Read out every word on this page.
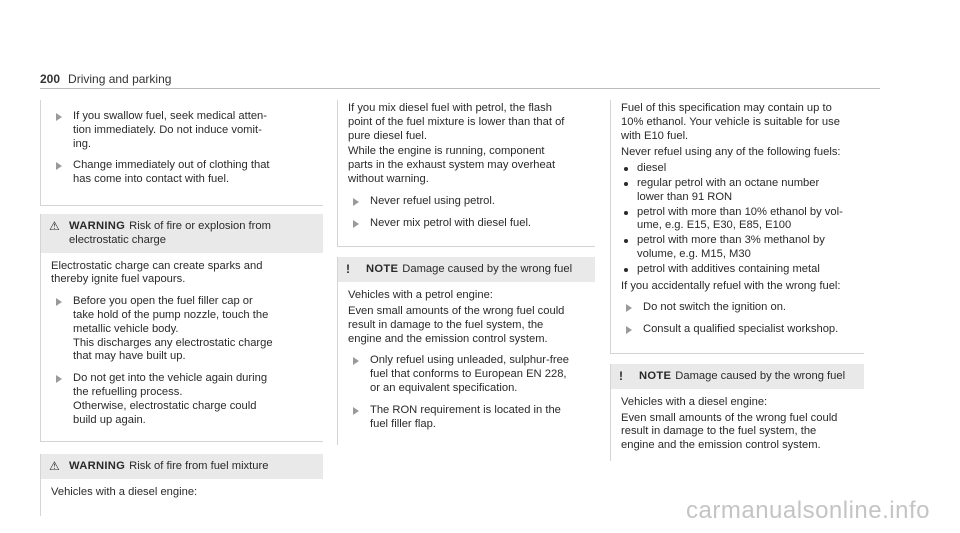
200 Driving and parking
If you swallow fuel, seek medical atten-
tion immediately. Do not induce vomit-
ing.
Change immediately out of clothing that
has come into contact with fuel.
⚠ WARNING Risk of fire or explosion from
electrostatic charge

Electrostatic charge can create sparks and
thereby ignite fuel vapours.

Before you open the fuel filler cap or
take hold of the pump nozzle, touch the
metallic vehicle body.
This discharges any electrostatic charge
that may have built up.
Do not get into the vehicle again during
the refuelling process.
Otherwise, electrostatic charge could
build up again.
⚠ WARNING Risk of fire from fuel mixture

Vehicles with a diesel engine:

If you mix diesel fuel with petrol, the flash
point of the fuel mixture is lower than that of
pure diesel fuel.

While the engine is running, component
parts in the exhaust system may overheat
without warning.

Never refuel using petrol.
Never mix petrol with diesel fuel.
!	NOTE Damage caused by the wrong fuel

Vehicles with a petrol engine:

Even small amounts of the wrong fuel could
result in damage to the fuel system, the
engine and the emission control system.

Only refuel using unleaded, sulphur-free
fuel that conforms to European EN 228,
or an equivalent specification.
The RON requirement is located in the
fuel filler flap.

Fuel of this specification may contain up to
10% ethanol. Your vehicle is suitable for use
with E10 fuel.

Never refuel using any of the following fuels:

diesel
regular petrol with an octane number
lower than 91 RON
petrol with more than 10% ethanol by vol-
ume, e.g. E15, E30, E85, E100
petrol with more than 3% methanol by
volume, e.g. M15, M30
petrol with additives containing metal

If you accidentally refuel with the wrong fuel:

Do not switch the ignition on.
Consult a qualified specialist workshop.
!	NOTE Damage caused by the wrong fuel

Vehicles with a diesel engine:

Even small amounts of the wrong fuel could
result in damage to the fuel system, the
engine and the emission control system.

carmanualsonline.info
